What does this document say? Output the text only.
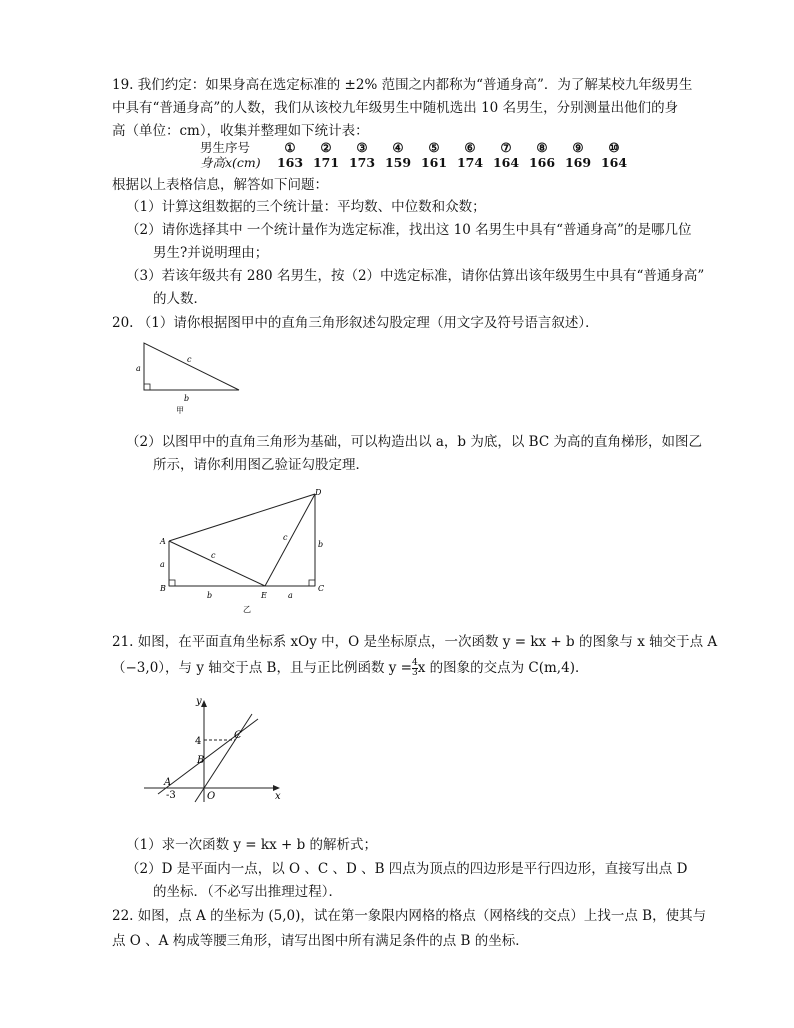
19. 我们约定：如果身高在选定标准的 ±2% 范围之内都称为“普通身高”．为了解某校九年级男生
中具有“普通身高”的人数，我们从该校九年级男生中随机选出 10 名男生，分别测量出他们的身
高（单位：cm），收集并整理如下统计表：
男生序号	①	②	③	④	⑤	⑥	⑦	⑧	⑨	⑩
身高x(cm)	163 171 173 159 161 174 164 166 169 164
根据以上表格信息，解答如下问题：
（1）计算这组数据的三个统计量：平均数、中位数和众数；
（2）请你选择其中 一个统计量作为选定标准，找出这 10 名男生中具有“普通身高”的是哪几位
男生?并说明理由；
（3）若该年级共有 280 名男生，按（2）中选定标准，请你估算出该年级男生中具有“普通身高”
的人数．
20. （1）请你根据图甲中的直角三角形叙述勾股定理（用文字及符号语言叙述）．
a
c
b
甲
（2）以图甲中的直角三角形为基础，可以构造出以 a，b 为底，以 BC 为高的直角梯形，如图乙
所示，请你利用图乙验证勾股定理．
A
B	C
D
E
a
a
b
b
c
c
乙
21. 如图，在平面直角坐标系 xOy 中，O 是坐标原点，一次函数 y = kx + b 的图象与 x 轴交于点 A
（−3,0），与 y 轴交于点 B，且与正比例函数 $y = \frac{4}{3}$ x 的图象的交点为 C(m,4)．
y
x
4
C
B
A
-3	O
（1）求一次函数 y = kx + b 的解析式；
（2）D 是平面内一点，以 O 、C 、D 、B 四点为顶点的四边形是平行四边形，直接写出点 D
的坐标．（不必写出推理过程）．
22. 如图，点 A 的坐标为 (5,0)，试在第一象限内网格的格点（网格线的交点）上找一点 B，使其与
点 O 、A 构成等腰三角形，请写出图中所有满足条件的点 B 的坐标．
